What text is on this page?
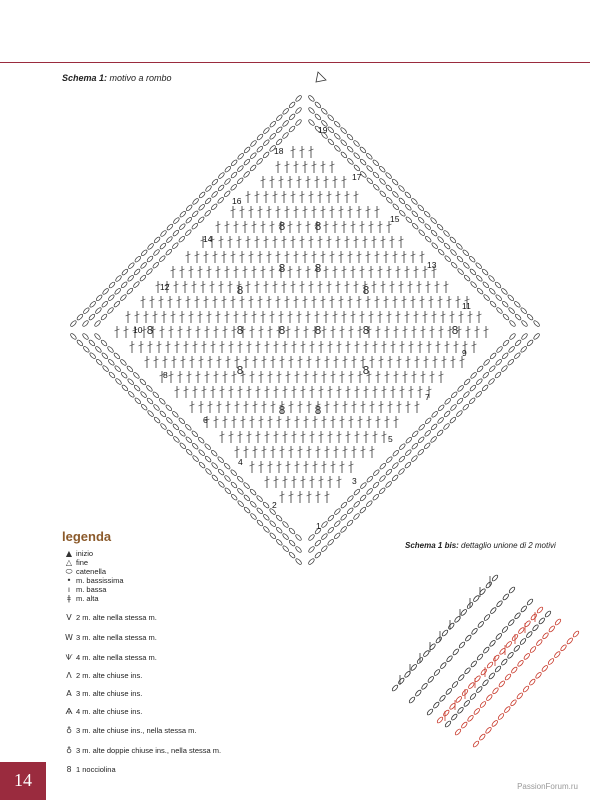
Schema 1: motivo a rombo
8	8
8	8
8	8
8	8	8	8	8	8
8	8
8	8
1
2
3
4
5
6
7
8
9
10
11
12
13
14
15
16
17
18
19
legenda
▲ inizio
△ fine
⬭ catenella
• m. bassissima
ı m. bassa
ǂ m. alta
V 2 m. alte nella stessa m.
W 3 m. alte nella stessa m.
Ѱ 4 m. alte nella stessa m.
Λ 2 m. alte chiuse ins.
A 3 m. alte chiuse ins.
Ѧ 4 m. alte chiuse ins.
♁ 3 m. alte chiuse ins., nella stessa m.
♁ 3 m. alte doppie chiuse ins., nella stessa m.
8 1 nocciolina
Schema 1 bis: dettaglio unione di 2 motivi
14	PassionForum.ru
